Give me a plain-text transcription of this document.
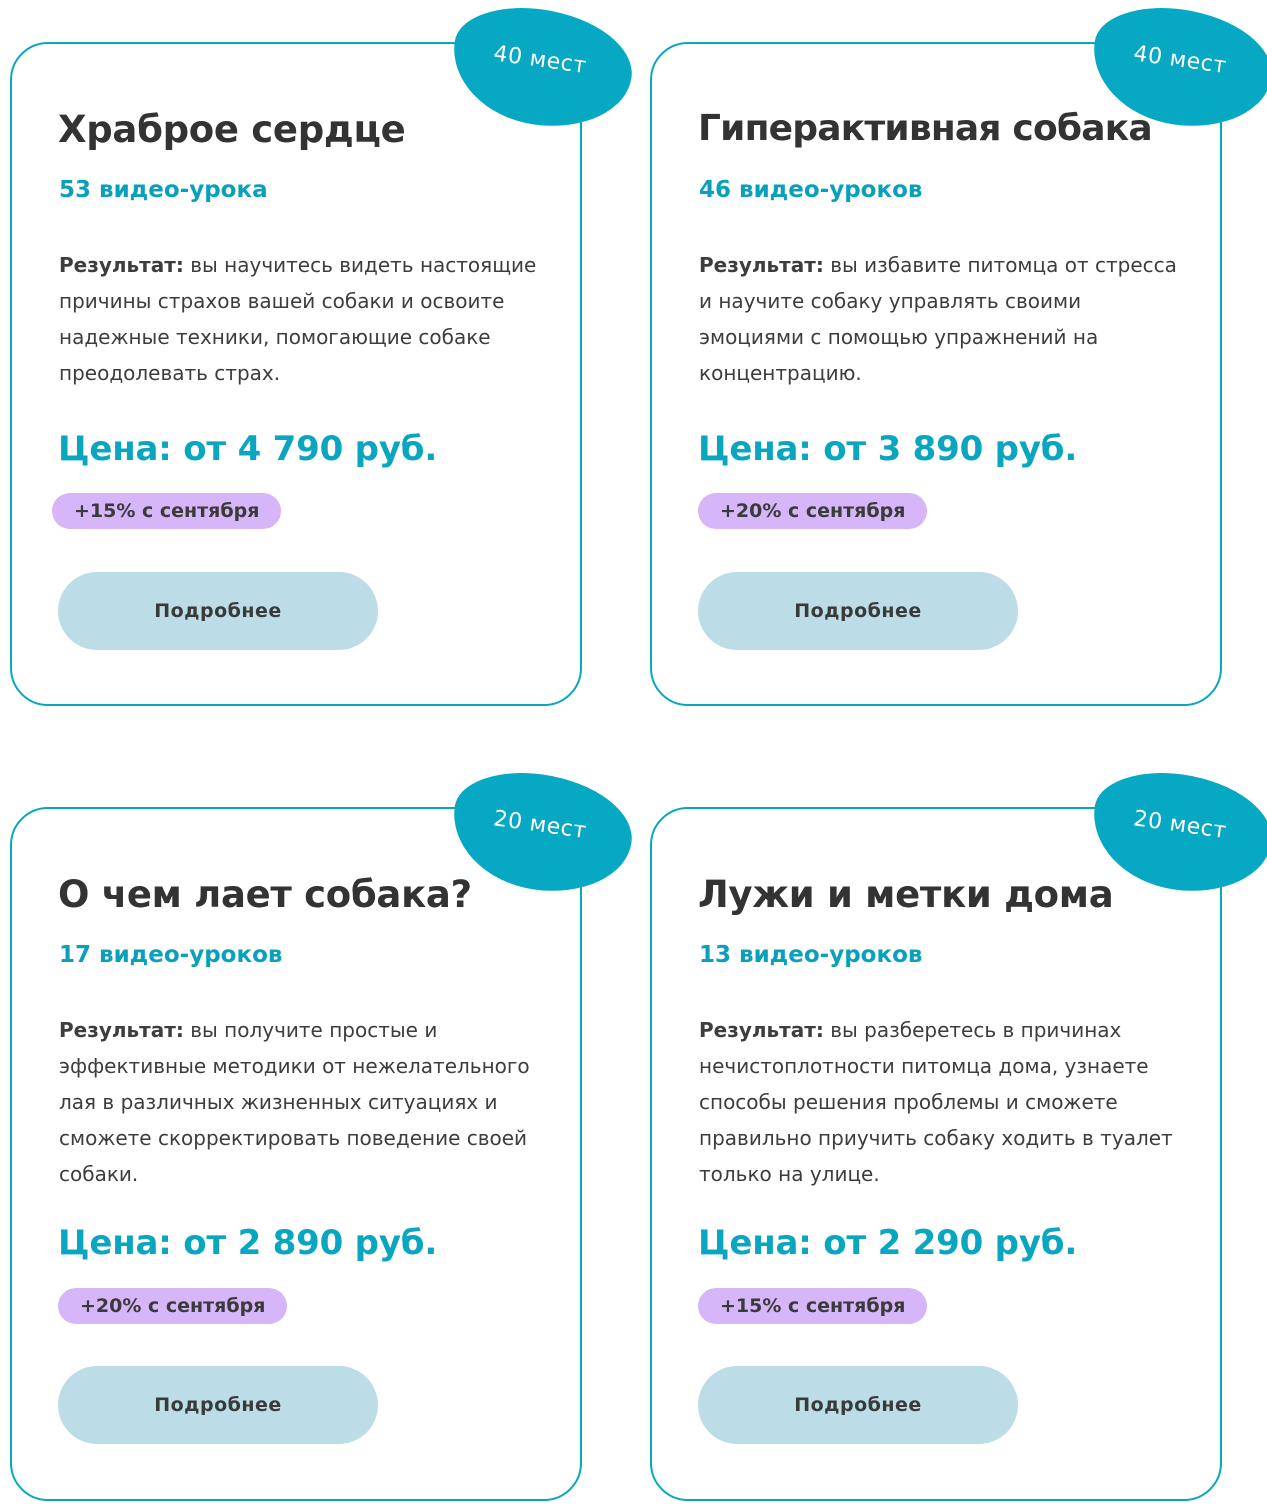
40 мест
Храброе сердце
53 видео-урока

Результат: вы научитесь видеть настоящие причины страхов вашей собаки и освоите надежные техники, помогающие собаке преодолевать страх.

Цена: от 4 790 руб.
+15% с сентября
Подробнее
40 мест
Гиперактивная собака
46 видео-уроков

Результат: вы избавите питомца от стресса и научите собаку управлять своими эмоциями с помощью упражнений на концентрацию.

Цена: от 3 890 руб.
+20% с сентября
Подробнее
20 мест
О чем лает собака?
17 видео-уроков

Результат: вы получите простые и эффективные методики от нежелательного лая в различных жизненных ситуациях и сможете скорректировать поведение своей собаки.

Цена: от 2 890 руб.
+20% с сентября
Подробнее
20 мест
Лужи и метки дома
13 видео-уроков

Результат: вы разберетесь в причинах нечистоплотности питомца дома, узнаете способы решения проблемы и сможете правильно приучить собаку ходить в туалет только на улице.

Цена: от 2 290 руб.
+15% с сентября
Подробнее
